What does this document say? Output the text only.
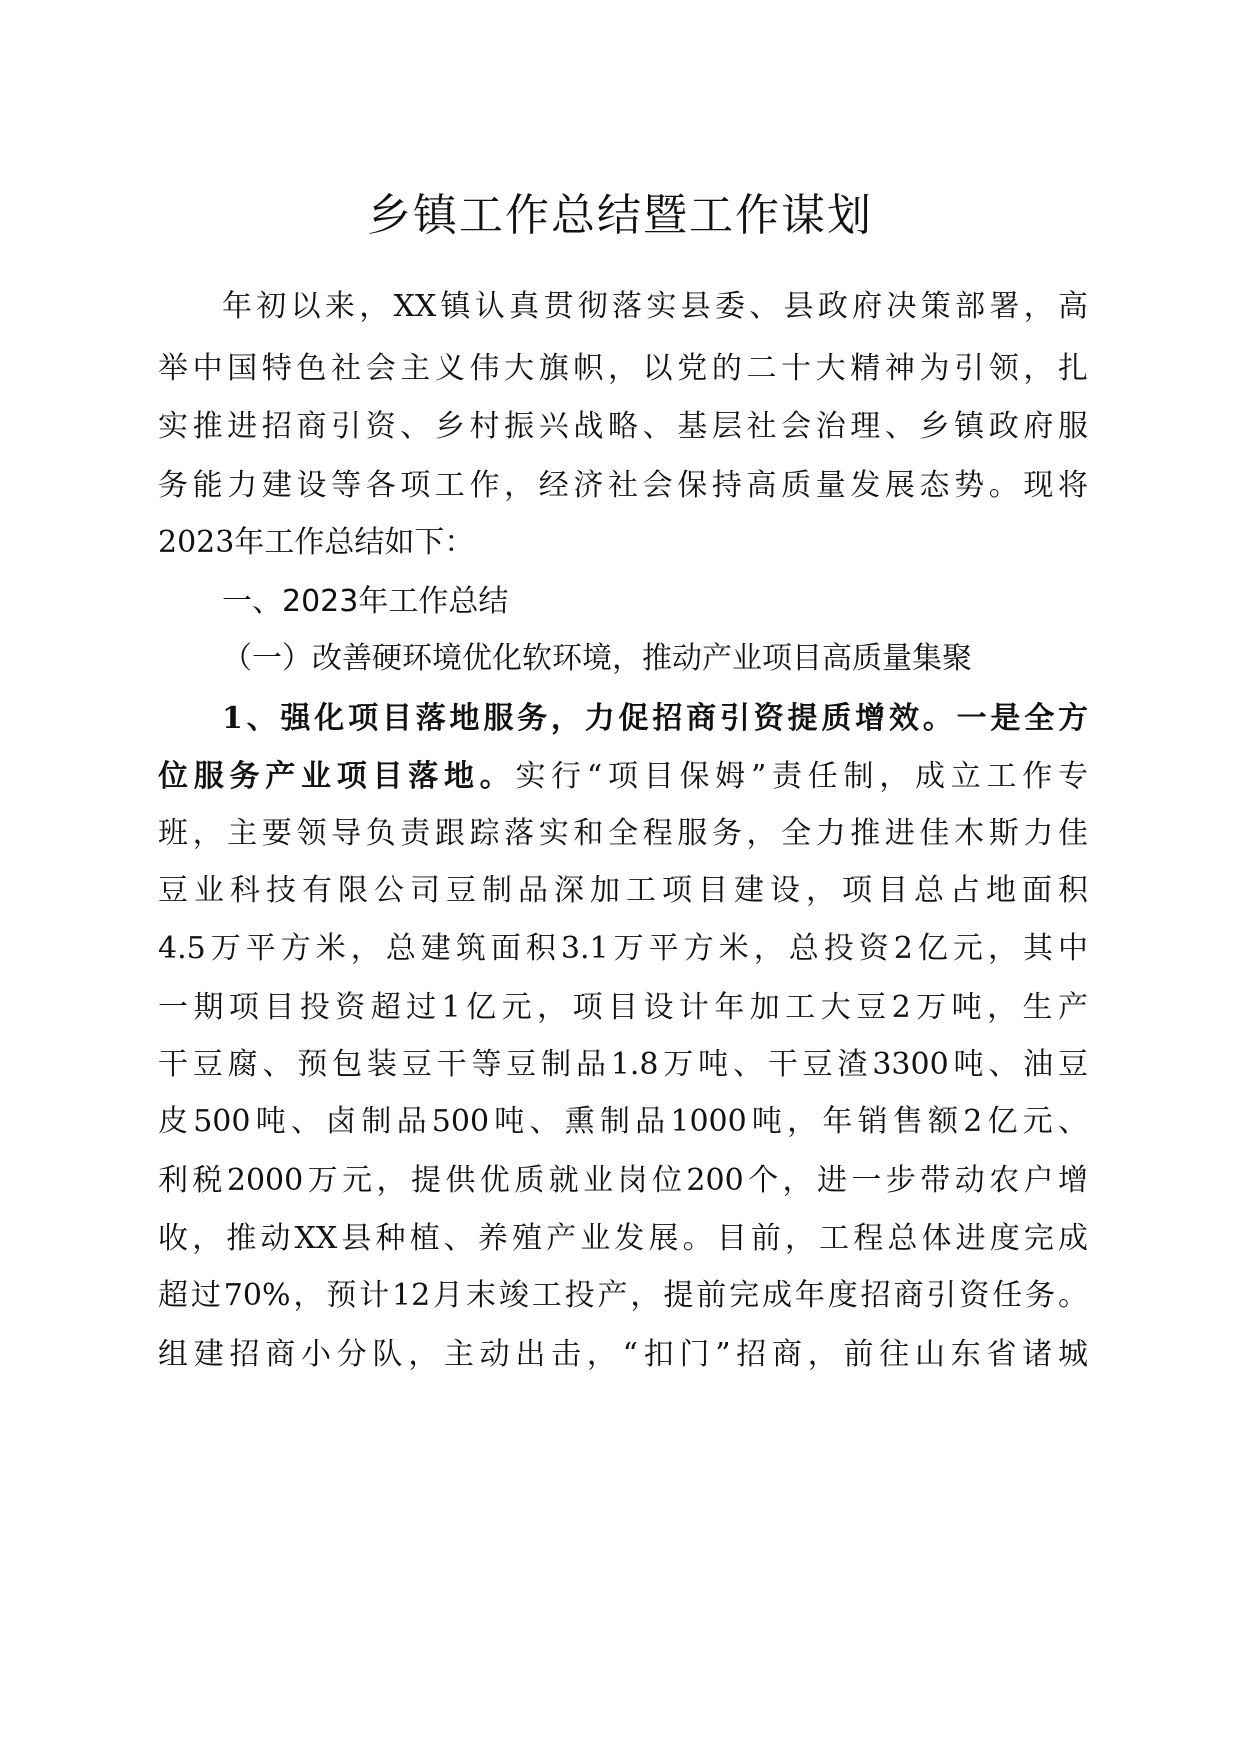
乡镇工作总结暨工作谋划

年初以来，XX镇认真贯彻落实县委、县政府决策部署，高

举中国特色社会主义伟大旗帜，以党的二十大精神为引领，扎

实推进招商引资、乡村振兴战略、基层社会治理、乡镇政府服

务能力建设等各项工作，经济社会保持高质量发展态势。现将

2023年工作总结如下：

一、2023年工作总结

（一）改善硬环境优化软环境，推动产业项目高质量集聚

1、强化项目落地服务，力促招商引资提质增效。一是全方

位服务产业项目落地。实行“项目保姆”责任制，成立工作专

班，主要领导负责跟踪落实和全程服务，全力推进佳木斯力佳

豆业科技有限公司豆制品深加工项目建设，项目总占地面积

4.5万平方米，总建筑面积3.1万平方米，总投资2亿元，其中

一期项目投资超过1亿元，项目设计年加工大豆2万吨，生产

干豆腐、预包装豆干等豆制品1.8万吨、干豆渣3300吨、油豆

皮500吨、卤制品500吨、熏制品1000吨，年销售额2亿元、

利税2000万元，提供优质就业岗位200个，进一步带动农户增

收，推动XX县种植、养殖产业发展。目前，工程总体进度完成

超过70%，预计12月末竣工投产，提前完成年度招商引资任务。

组建招商小分队，主动出击，“扣门”招商，前往山东省诸城
